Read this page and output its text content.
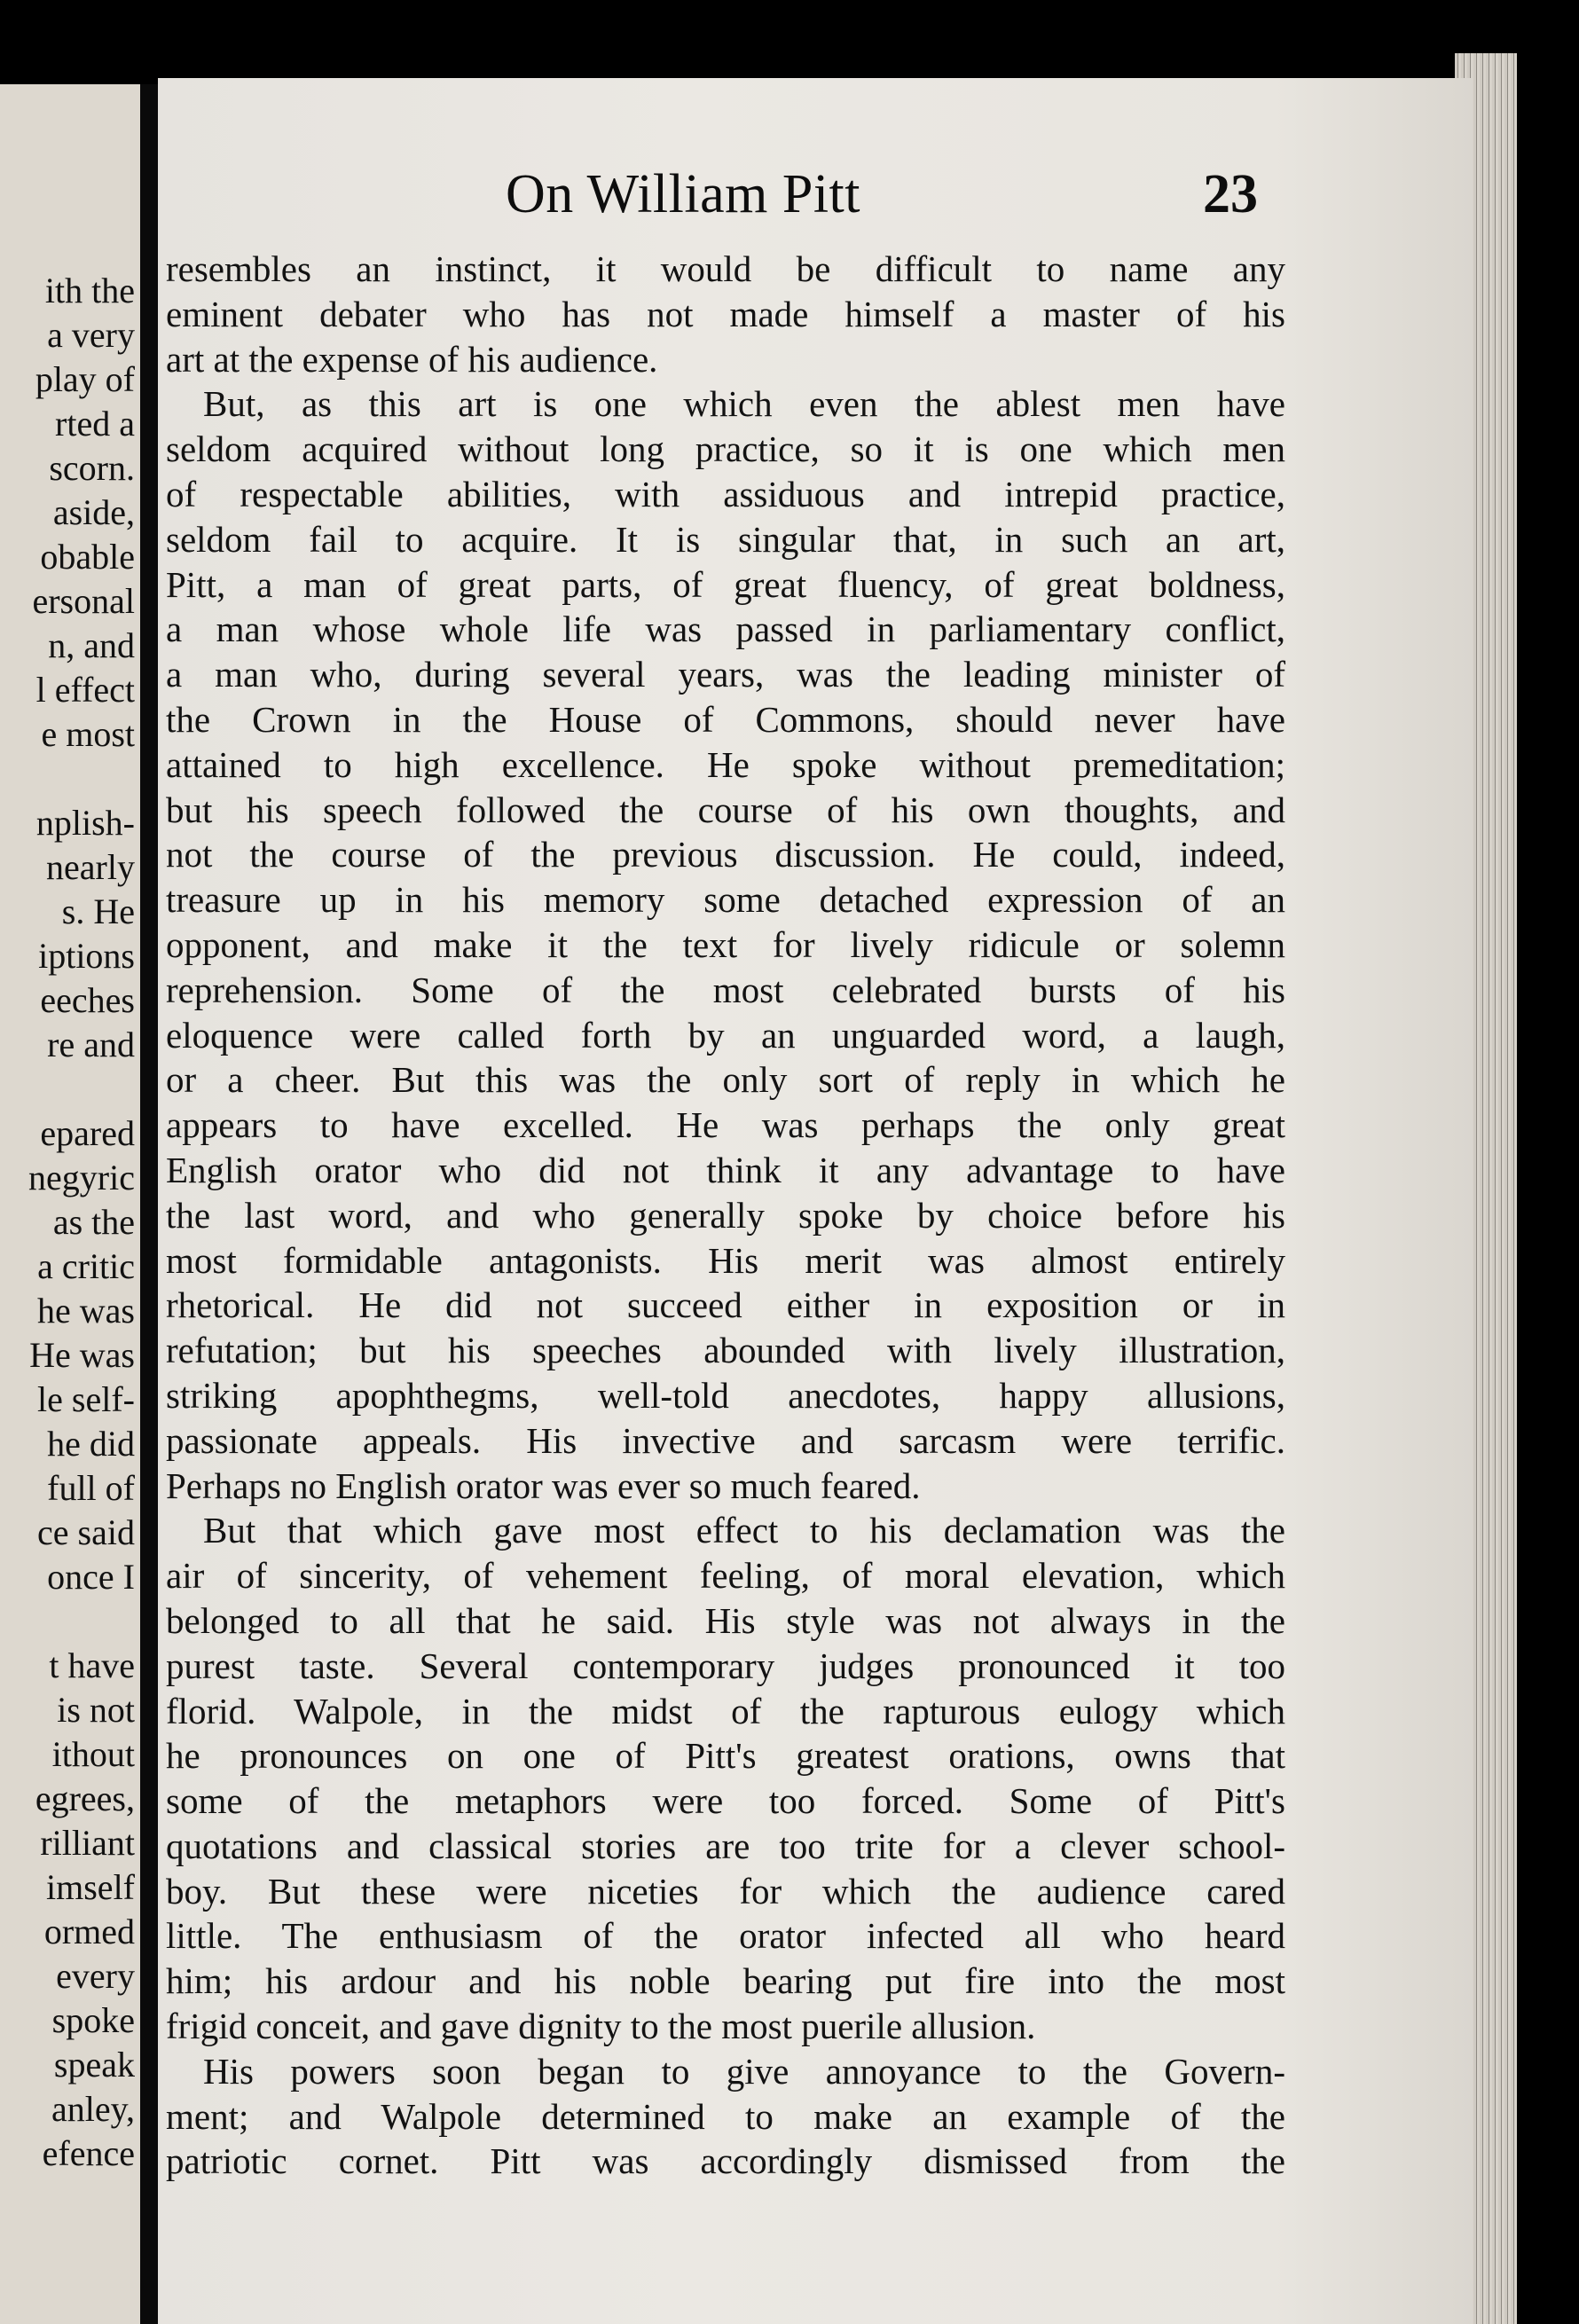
ith the
a very
play of
rted a
scorn.
aside,
obable
ersonal
n, and
l effect
e most
nplish-
nearly
s. He
iptions
eeches
re and
epared
negyric
as the
a critic
he was
He was
le self-
he did
full of
ce said
once I
t have
is not
ithout
egrees,
rilliant
imself
ormed
every
spoke
speak
anley,
efence
On William Pitt	23
resembles an instinct, it would be difficult to name any
eminent debater who has not made himself a master of his
art at the expense of his audience.
But, as this art is one which even the ablest men have
seldom acquired without long practice, so it is one which men
of respectable abilities, with assiduous and intrepid practice,
seldom fail to acquire. It is singular that, in such an art,
Pitt, a man of great parts, of great fluency, of great boldness,
a man whose whole life was passed in parliamentary conflict,
a man who, during several years, was the leading minister of
the Crown in the House of Commons, should never have
attained to high excellence. He spoke without premeditation;
but his speech followed the course of his own thoughts, and
not the course of the previous discussion. He could, indeed,
treasure up in his memory some detached expression of an
opponent, and make it the text for lively ridicule or solemn
reprehension. Some of the most celebrated bursts of his
eloquence were called forth by an unguarded word, a laugh,
or a cheer. But this was the only sort of reply in which he
appears to have excelled. He was perhaps the only great
English orator who did not think it any advantage to have
the last word, and who generally spoke by choice before his
most formidable antagonists. His merit was almost entirely
rhetorical. He did not succeed either in exposition or in
refutation; but his speeches abounded with lively illustration,
striking apophthegms, well-told anecdotes, happy allusions,
passionate appeals. His invective and sarcasm were terrific.
Perhaps no English orator was ever so much feared.
But that which gave most effect to his declamation was the
air of sincerity, of vehement feeling, of moral elevation, which
belonged to all that he said. His style was not always in the
purest taste. Several contemporary judges pronounced it too
florid. Walpole, in the midst of the rapturous eulogy which
he pronounces on one of Pitt's greatest orations, owns that
some of the metaphors were too forced. Some of Pitt's
quotations and classical stories are too trite for a clever school-
boy. But these were niceties for which the audience cared
little. The enthusiasm of the orator infected all who heard
him; his ardour and his noble bearing put fire into the most
frigid conceit, and gave dignity to the most puerile allusion.
His powers soon began to give annoyance to the Govern-
ment; and Walpole determined to make an example of the
patriotic cornet. Pitt was accordingly dismissed from the
